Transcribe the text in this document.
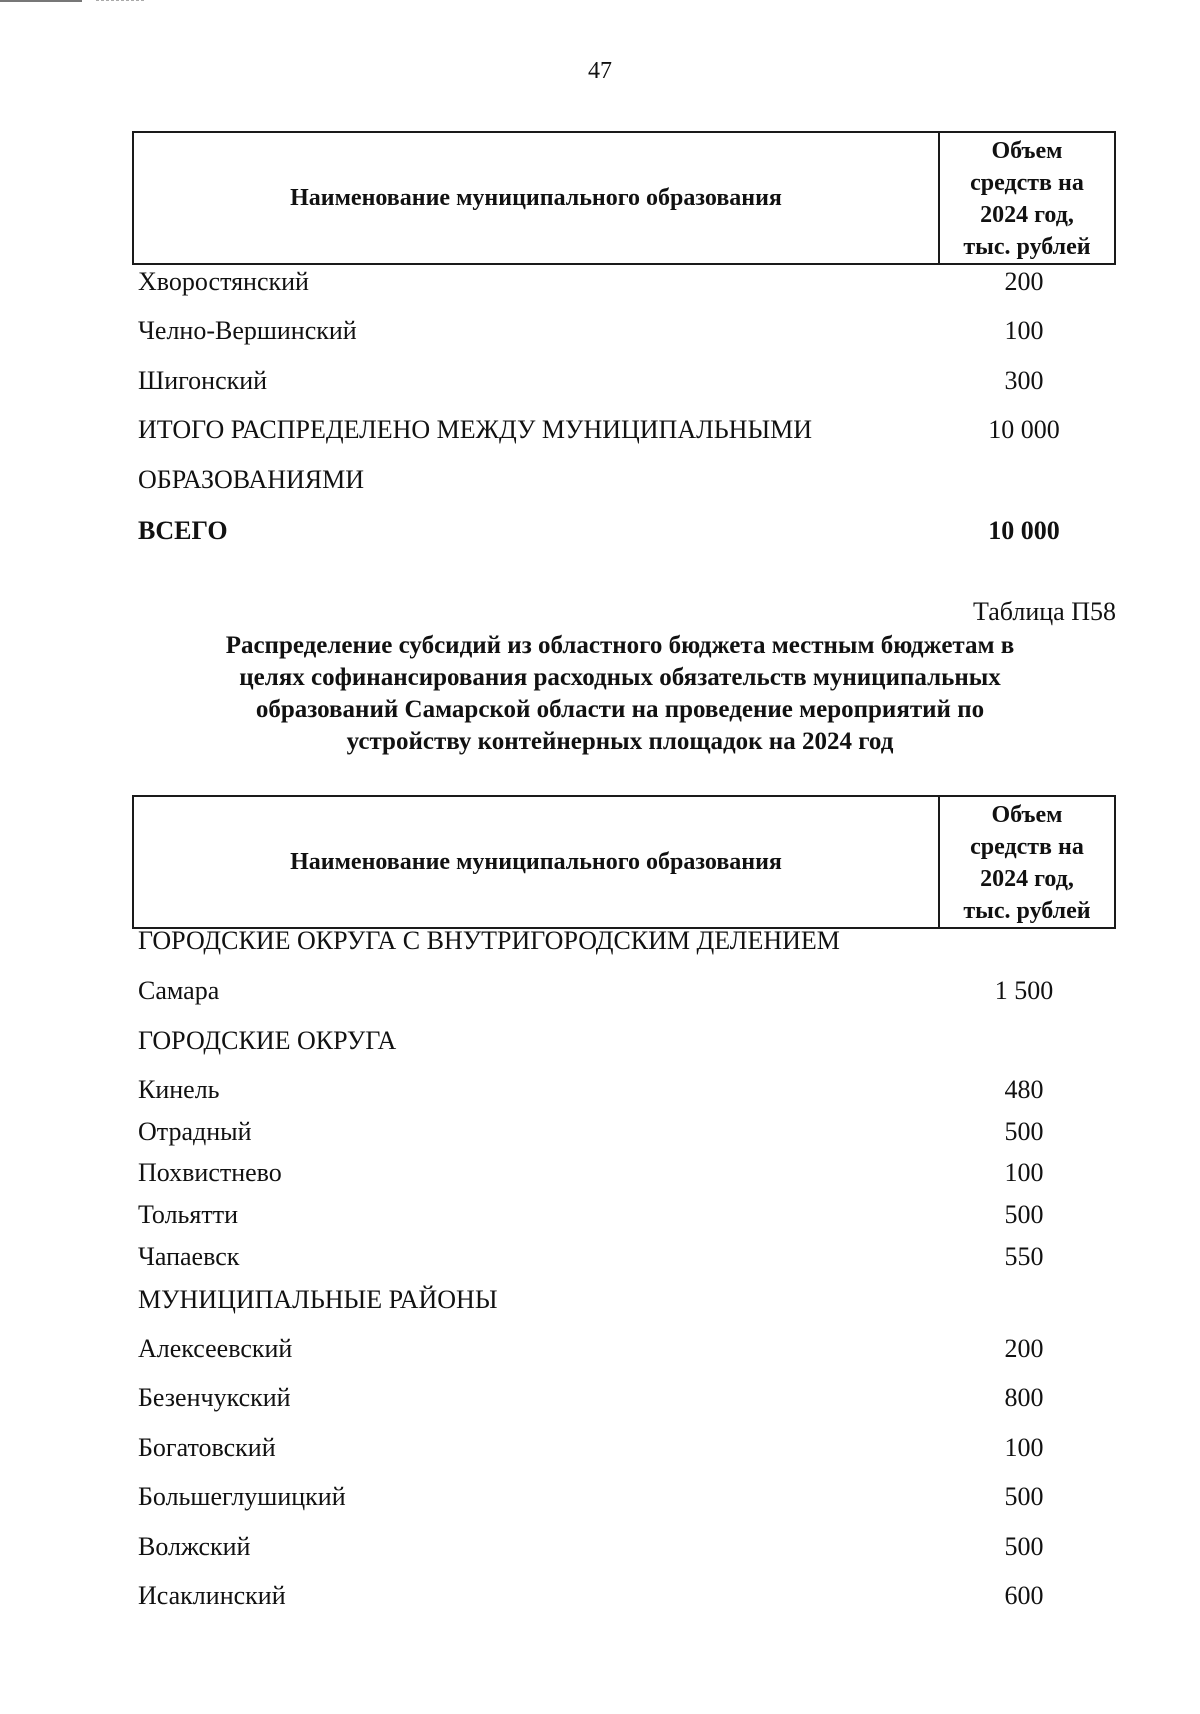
47
Наименование муниципального образования
Объем
средств на
2024 год,
тыс. рублей
Хворостянский	200
Челно-Вершинский	100
Шигонский	300
ИТОГО РАСПРЕДЕЛЕНО МЕЖДУ МУНИЦИПАЛЬНЫМИ	10 000
ОБРАЗОВАНИЯМИ
ВСЕГО	10 000
Таблица П58
Распределение субсидий из областного бюджета местным бюджетам в
целях софинансирования расходных обязательств муниципальных
образований Самарской области на проведение мероприятий по
устройству контейнерных площадок на 2024 год
Наименование муниципального образования
Объем
средств на
2024 год,
тыс. рублей
ГОРОДСКИЕ ОКРУГА С ВНУТРИГОРОДСКИМ ДЕЛЕНИЕМ
Самара	1 500
ГОРОДСКИЕ ОКРУГА
Кинель	480
Отрадный	500
Похвистнево	100
Тольятти	500
Чапаевск	550
МУНИЦИПАЛЬНЫЕ РАЙОНЫ
Алексеевский	200
Безенчукский	800
Богатовский	100
Большеглушицкий	500
Волжский	500
Исаклинский	600
